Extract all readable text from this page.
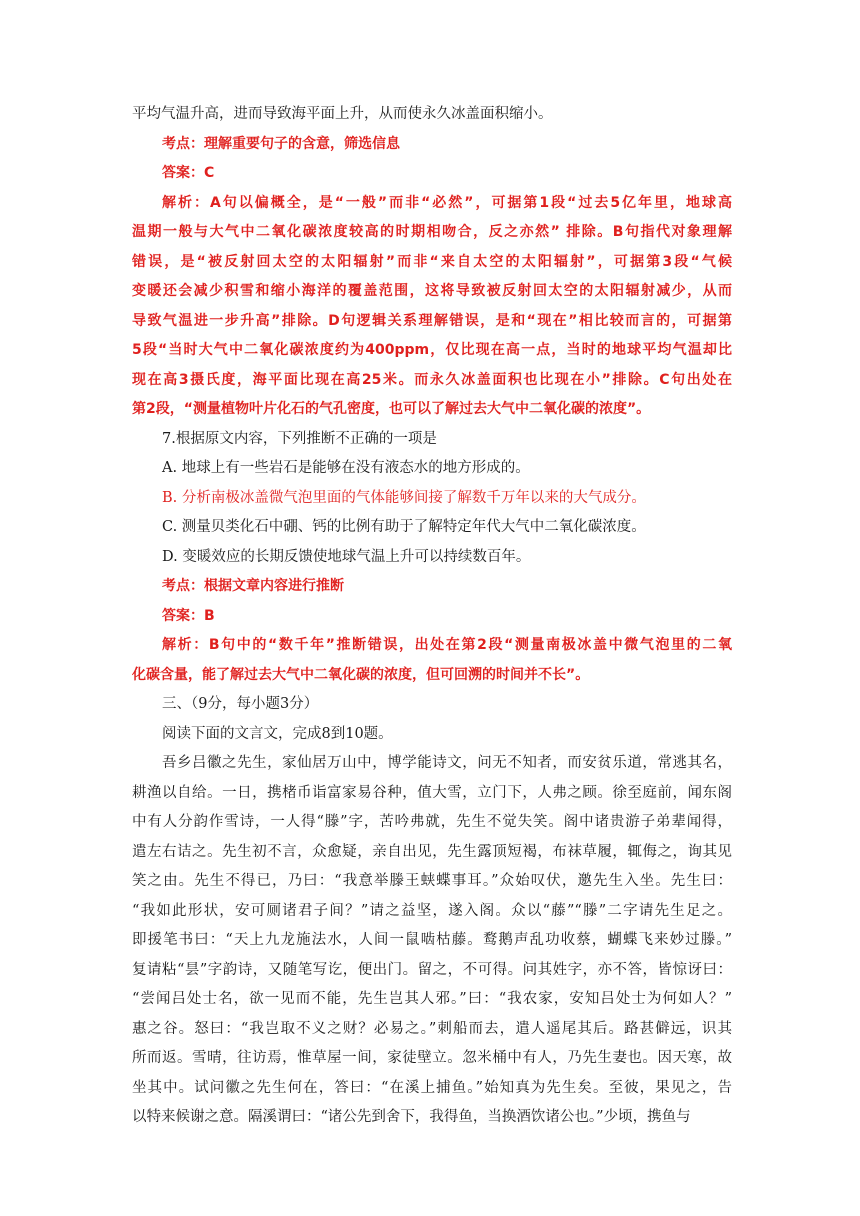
平均气温升高，进而导致海平面上升，从而使永久冰盖面积缩小。
考点：理解重要句子的含意，筛选信息
答案：C
解析：A句以偏概全，是“一般”而非“必然”，可据第1段“过去5亿年里，地球高
温期一般与大气中二氧化碳浓度较高的时期相吻合，反之亦然” 排除。B句指代对象理解
错误，是“被反射回太空的太阳辐射”而非“来自太空的太阳辐射”，可据第3段“气候
变暖还会减少积雪和缩小海洋的覆盖范围，这将导致被反射回太空的太阳辐射减少，从而
导致气温进一步升高”排除。D句逻辑关系理解错误，是和“现在”相比较而言的，可据第
5段“当时大气中二氧化碳浓度约为400ppm，仅比现在高一点，当时的地球平均气温却比
现在高3摄氏度，海平面比现在高25米。而永久冰盖面积也比现在小”排除。C句出处在
第2段，“测量植物叶片化石的气孔密度，也可以了解过去大气中二氧化碳的浓度”。
7.根据原文内容，下列推断不正确的一项是
A. 地球上有一些岩石是能够在没有液态水的地方形成的。
B. 分析南极冰盖微气泡里面的气体能够间接了解数千万年以来的大气成分。
C. 测量贝类化石中硼、钙的比例有助于了解特定年代大气中二氧化碳浓度。
D. 变暖效应的长期反馈使地球气温上升可以持续数百年。
考点：根据文章内容进行推断
答案：B
解析：B句中的“数千年”推断错误，出处在第2段“测量南极冰盖中微气泡里的二氧
化碳含量，能了解过去大气中二氧化碳的浓度，但可回溯的时间并不长”。
三、（9分，每小题3分）
阅读下面的文言文，完成8到10题。
吾乡吕徽之先生，家仙居万山中，博学能诗文，问无不知者，而安贫乐道，常逃其名，
耕渔以自给。一日，携楮币诣富家易谷种，值大雪，立门下，人弗之顾。徐至庭前，闻东阁
中有人分韵作雪诗，一人得“滕”字，苦吟弗就，先生不觉失笑。阁中诸贵游子弟辈闻得，
遣左右诘之。先生初不言，众愈疑，亲自出见，先生露顶短褐，布袜草履，辄侮之，询其见
笑之由。先生不得已，乃曰：“我意举滕王蛱蝶事耳。”众始叹伏，邀先生入坐。先生曰：
“我如此形状，安可厕诸君子间？”请之益坚，遂入阁。众以“藤”“滕”二字请先生足之。
即援笔书曰：“天上九龙施法水，人间一鼠啮枯藤。鹜鹅声乱功收蔡，蝴蝶飞来妙过滕。”
复请粘“昙”字韵诗，又随笔写讫，便出门。留之，不可得。问其姓字，亦不答，皆惊讶曰：
“尝闻吕处士名，欲一见而不能，先生岂其人邪。”曰：“我农家，安知吕处士为何如人？”
惠之谷。怒曰：“我岂取不义之财？必易之。”刺船而去，遣人遥尾其后。路甚僻远，识其
所而返。雪晴，往访焉，惟草屋一间，家徒壁立。忽米桶中有人，乃先生妻也。因天寒，故
坐其中。试问徽之先生何在，答曰：“在溪上捕鱼。”始知真为先生矣。至彼，果见之，告
以特来候谢之意。隔溪谓曰：“诸公先到舍下，我得鱼，当换酒饮诸公也。”少顷，携鱼与
